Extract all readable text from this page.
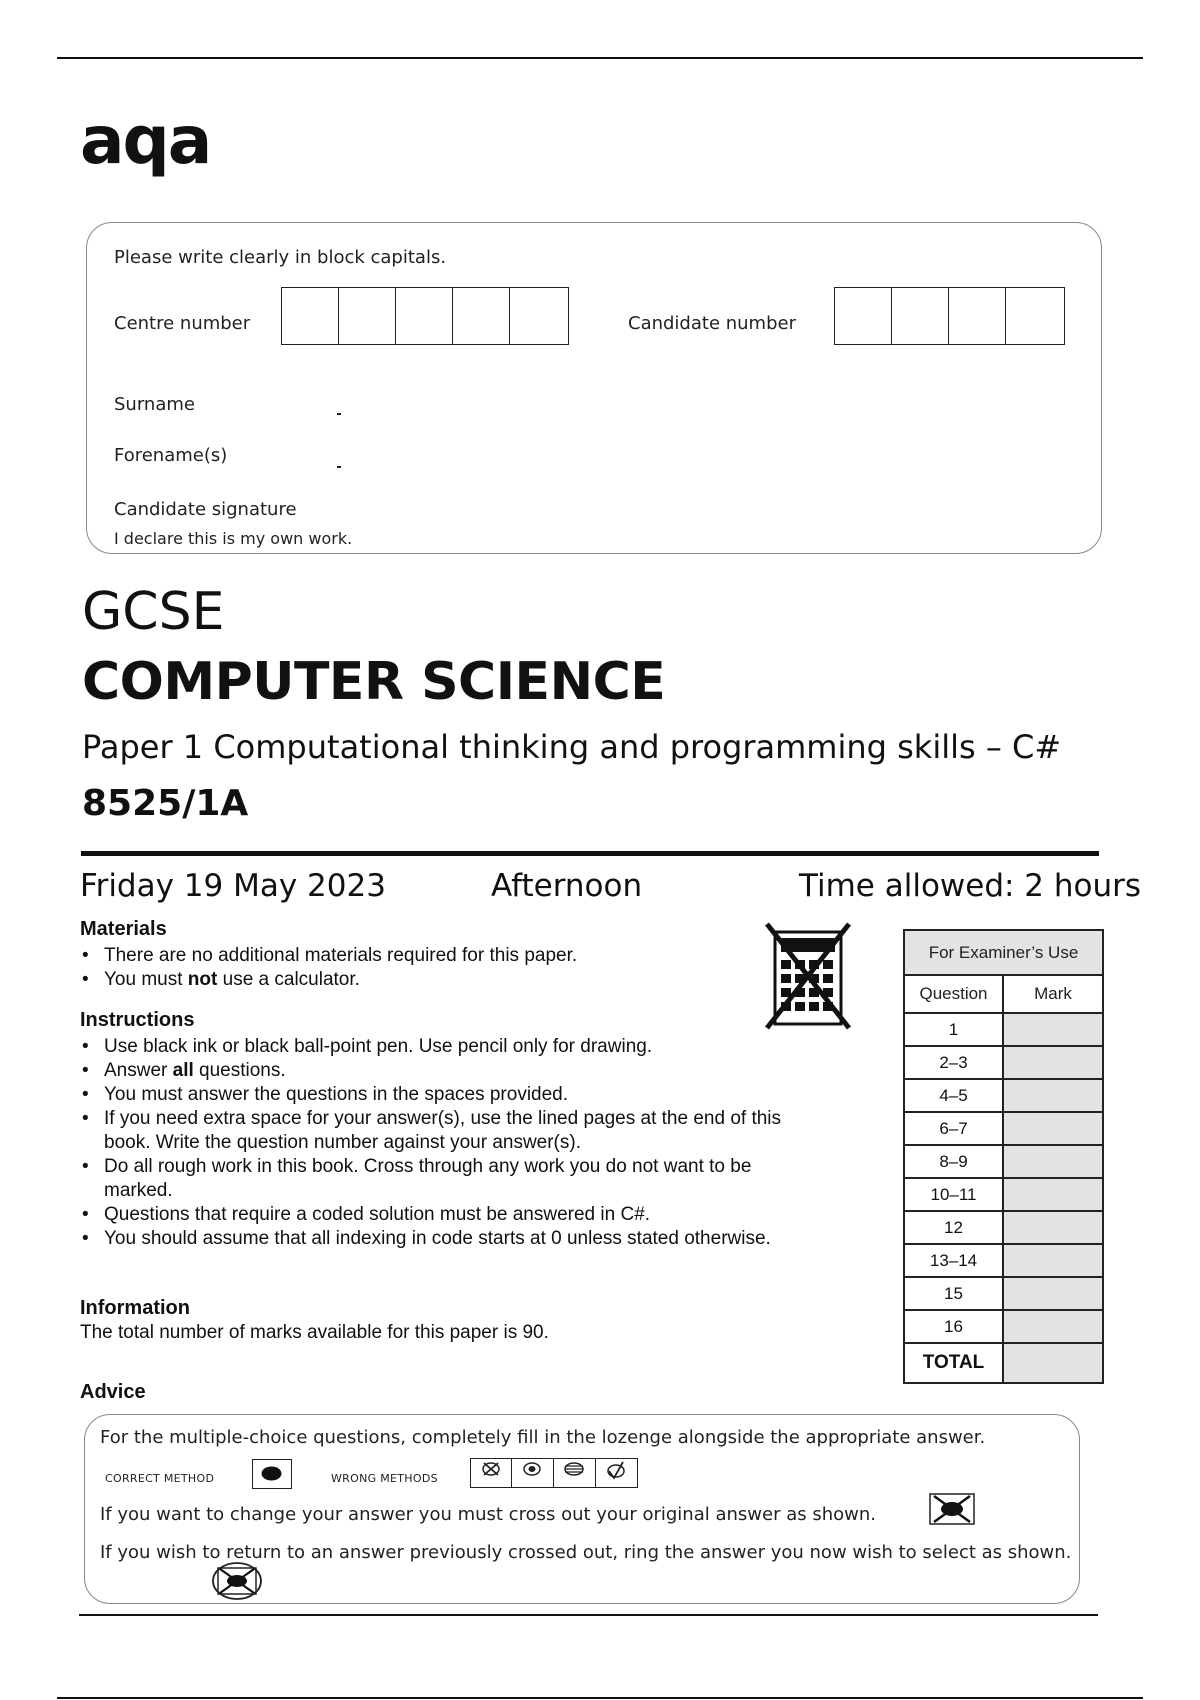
aqa
Please write clearly in block capitals.
Centre number	Candidate number
Surname
Forename(s)
Candidate signature
I declare this is my own work.
GCSE
COMPUTER SCIENCE
Paper 1 Computational thinking and programming skills – C#
8525/1A
Friday 19 May 2023	Afternoon	Time allowed: 2 hours
Materials
• There are no additional materials required for this paper.
• You must not use a calculator.
Instructions
• Use black ink or black ball-point pen. Use pencil only for drawing.
• Answer all questions.
• You must answer the questions in the spaces provided.
• If you need extra space for your answer(s), use the lined pages at the end of this book. Write the question number against your answer(s).
• Do all rough work in this book. Cross through any work you do not want to be marked.
• Questions that require a coded solution must be answered in C#.
• You should assume that all indexing in code starts at 0 unless stated otherwise.
Information
The total number of marks available for this paper is 90.
For Examiner’s Use	
Question	Mark
1	
2–3	
4–5	
6–7	
8–9	
10–11	
12	
13–14	
15	
16	
TOTAL	
Advice
For the multiple-choice questions, completely fill in the lozenge alongside the appropriate answer.
CORRECT METHOD	WRONG METHODS
If you want to change your answer you must cross out your original answer as shown.
If you wish to return to an answer previously crossed out, ring the answer you now wish to select as shown.
